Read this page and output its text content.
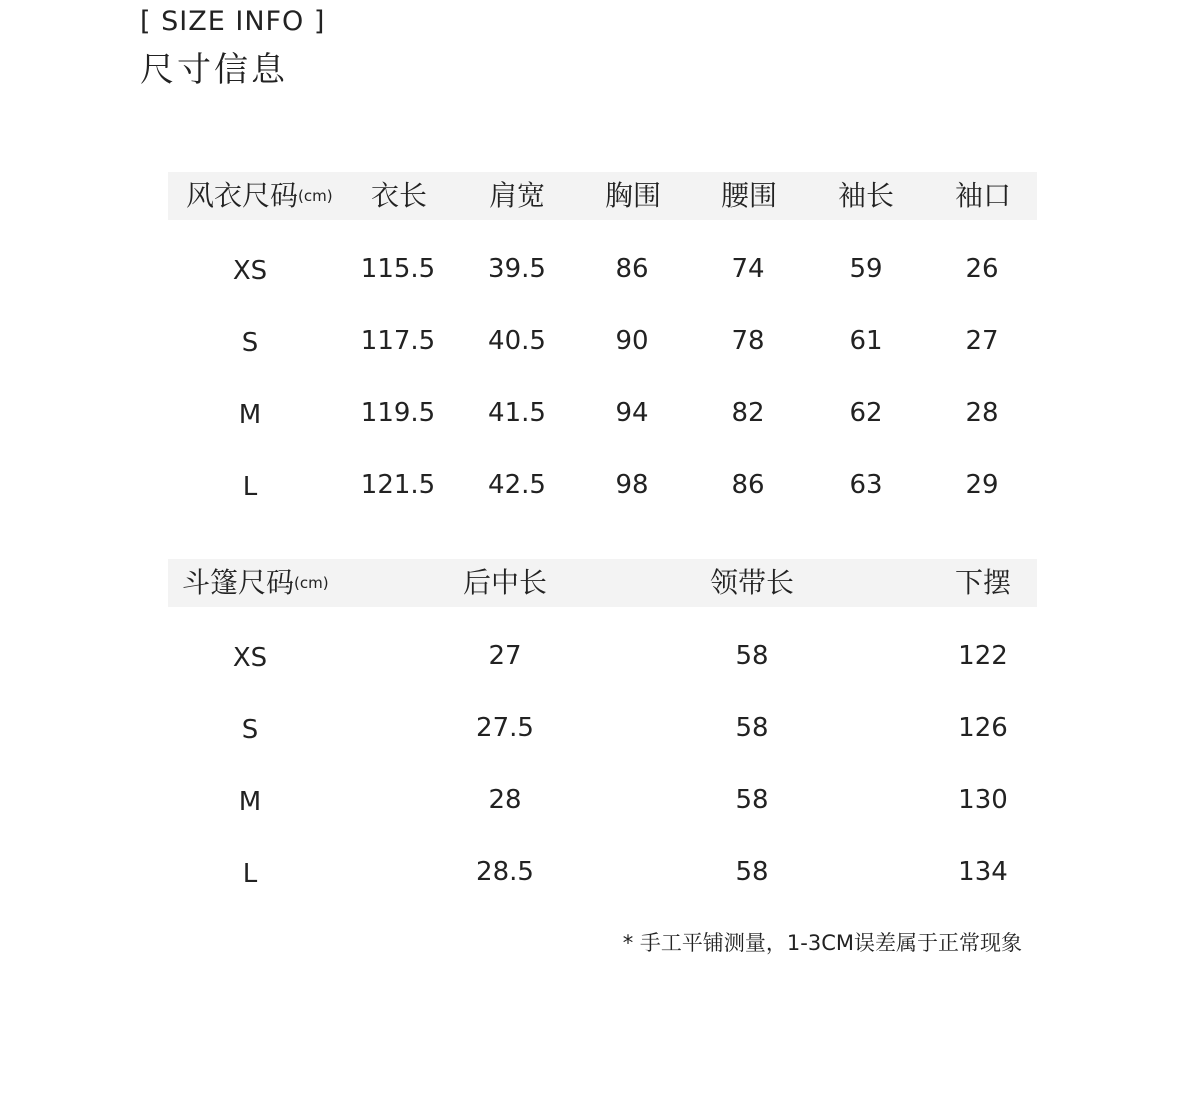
[ SIZE INFO ]
尺寸信息
风衣尺码(cm) 衣长 肩宽 胸围 腰围 袖长 袖口
XS	115.5 39.5	86	74	59	26
S	117.5 40.5	90	78	61	27
M	119.5 41.5	94	82	62	28
L	121.5 42.5	98	86	63	29
斗篷尺码(cm)	后中长	领带长	下摆
XS	27	58	122
S	27.5	58	126
M	28	58	130
L	28.5	58	134
* 手工平铺测量，1-3CM误差属于正常现象
